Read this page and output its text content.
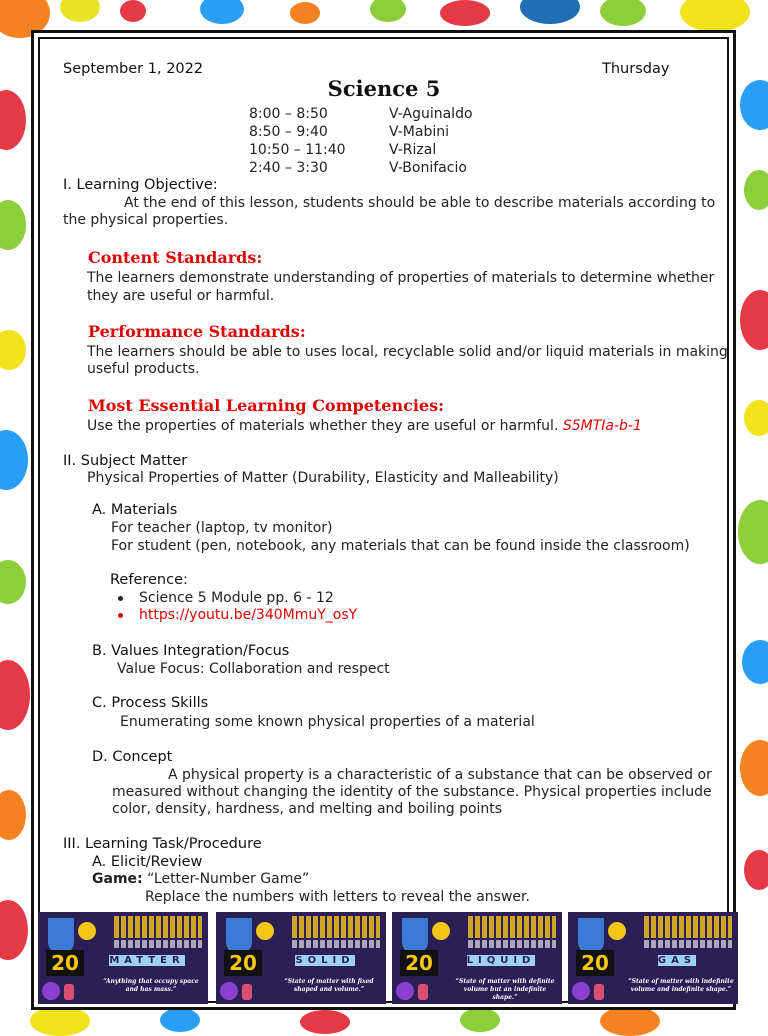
September 1, 2022	Thursday
Science 5
8:00 – 8:50	V-Aguinaldo
8:50 – 9:40	V-Mabini
10:50 – 11:40	V-Rizal
2:40 – 3:30	V-Bonifacio
I. Learning Objective:
At the end of this lesson, students should be able to describe materials according to
the physical properties.
Content Standards:
The learners demonstrate understanding of properties of materials to determine whether
they are useful or harmful.
Performance Standards:
The learners should be able to uses local, recyclable solid and/or liquid materials in making
useful products.
Most Essential Learning Competencies:
Use the properties of materials whether they are useful or harmful. S5MTIa-b-1
II. Subject Matter
Physical Properties of Matter (Durability, Elasticity and Malleability)
A. Materials
For teacher (laptop, tv monitor)
For student (pen, notebook, any materials that can be found inside the classroom)
Reference:
Science 5 Module pp. 6 - 12
https://youtu.be/340MmuY_osY
B. Values Integration/Focus
Value Focus: Collaboration and respect
C. Process Skills
Enumerating some known physical properties of a material
D. Concept
A physical property is a characteristic of a substance that can be observed or
measured without changing the identity of the substance. Physical properties include
color, density, hardness, and melting and boiling points
III. Learning Task/Procedure
A. Elicit/Review
Game: “Letter-Number Game”
Replace the numbers with letters to reveal the answer.
20	MATTER
“Anything that occupy space and has mass.”
20	SOLID
“State of matter with fixed shaped and volume.”
20	LIQUID
“State of matter with definite volume but an indefinite shape.”
20	GAS
“State of matter with indefinite volume and indefinite shape.”
